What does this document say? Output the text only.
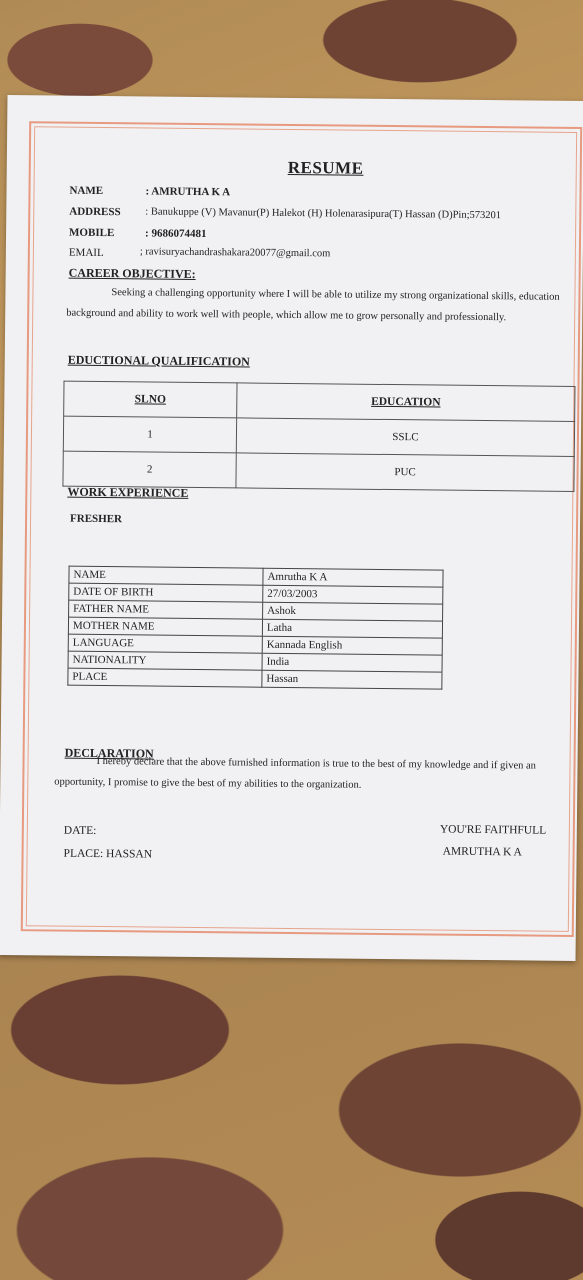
RESUME
NAME	: AMRUTHA K A
ADDRESS : Banukuppe (V) Mavanur(P) Halekot (H) Holenarasipura(T) Hassan (D)Pin;573201
MOBILE	: 9686074481
EMAIL	; ravisuryachandrashakara20077@gmail.com
CAREER OBJECTIVE:
Seeking a challenging opportunity where I will be able to utilize my strong organizational skills, education background and ability to work well with people, which allow me to grow personally and professionally.
EDUCTIONAL QUALIFICATION
SLNO	EDUCATION
1	SSLC
2	PUC
WORK EXPERIENCE
FRESHER
NAME	Amrutha K A
DATE OF BIRTH	27/03/2003
FATHER NAME	Ashok
MOTHER NAME	Latha
LANGUAGE	Kannada English
NATIONALITY	India
PLACE	Hassan
DECLARATION
I hereby declare that the above furnished information is true to the best of my knowledge and if given an opportunity, I promise to give the best of my abilities to the organization.
DATE:
PLACE: HASSAN
YOU'RE FAITHFULL
AMRUTHA K A
